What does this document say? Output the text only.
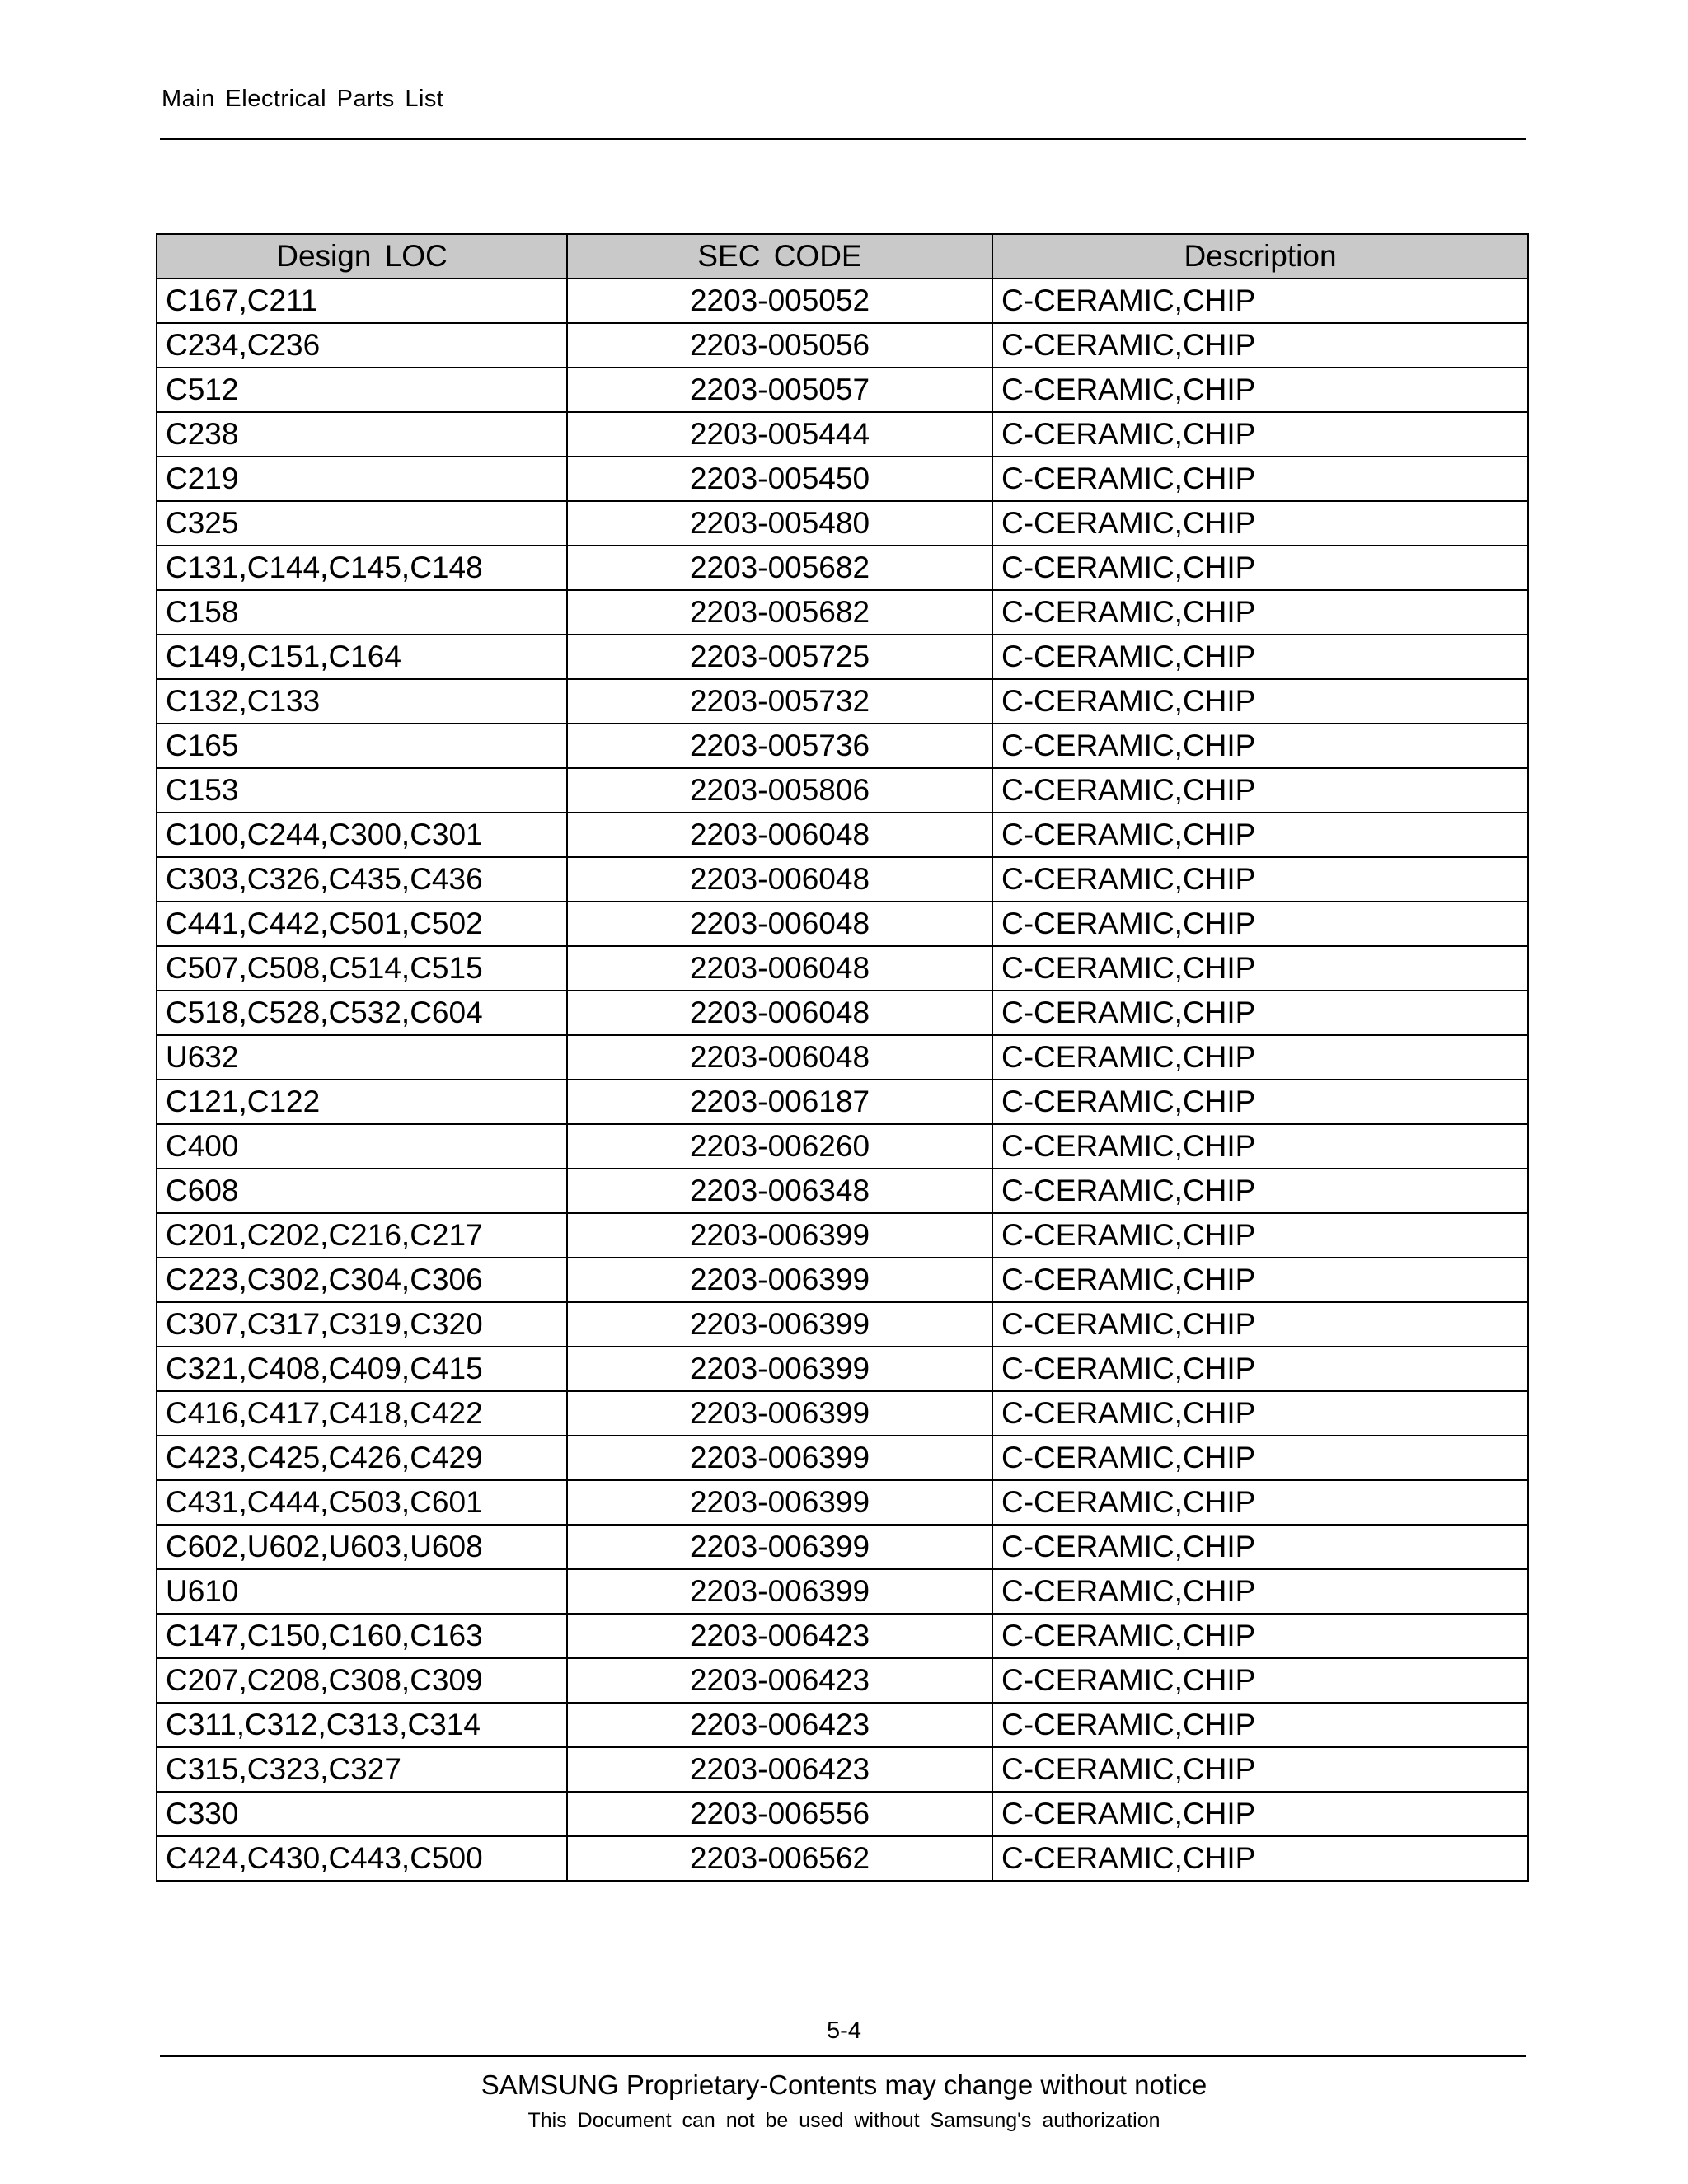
Main Electrical Parts List
Design LOC	SEC CODE	Description
C167,C211	2203-005052	C-CERAMIC,CHIP
C234,C236	2203-005056	C-CERAMIC,CHIP
C512	2203-005057	C-CERAMIC,CHIP
C238	2203-005444	C-CERAMIC,CHIP
C219	2203-005450	C-CERAMIC,CHIP
C325	2203-005480	C-CERAMIC,CHIP
C131,C144,C145,C148	2203-005682	C-CERAMIC,CHIP
C158	2203-005682	C-CERAMIC,CHIP
C149,C151,C164	2203-005725	C-CERAMIC,CHIP
C132,C133	2203-005732	C-CERAMIC,CHIP
C165	2203-005736	C-CERAMIC,CHIP
C153	2203-005806	C-CERAMIC,CHIP
C100,C244,C300,C301	2203-006048	C-CERAMIC,CHIP
C303,C326,C435,C436	2203-006048	C-CERAMIC,CHIP
C441,C442,C501,C502	2203-006048	C-CERAMIC,CHIP
C507,C508,C514,C515	2203-006048	C-CERAMIC,CHIP
C518,C528,C532,C604	2203-006048	C-CERAMIC,CHIP
U632	2203-006048	C-CERAMIC,CHIP
C121,C122	2203-006187	C-CERAMIC,CHIP
C400	2203-006260	C-CERAMIC,CHIP
C608	2203-006348	C-CERAMIC,CHIP
C201,C202,C216,C217	2203-006399	C-CERAMIC,CHIP
C223,C302,C304,C306	2203-006399	C-CERAMIC,CHIP
C307,C317,C319,C320	2203-006399	C-CERAMIC,CHIP
C321,C408,C409,C415	2203-006399	C-CERAMIC,CHIP
C416,C417,C418,C422	2203-006399	C-CERAMIC,CHIP
C423,C425,C426,C429	2203-006399	C-CERAMIC,CHIP
C431,C444,C503,C601	2203-006399	C-CERAMIC,CHIP
C602,U602,U603,U608	2203-006399	C-CERAMIC,CHIP
U610	2203-006399	C-CERAMIC,CHIP
C147,C150,C160,C163	2203-006423	C-CERAMIC,CHIP
C207,C208,C308,C309	2203-006423	C-CERAMIC,CHIP
C311,C312,C313,C314	2203-006423	C-CERAMIC,CHIP
C315,C323,C327	2203-006423	C-CERAMIC,CHIP
C330	2203-006556	C-CERAMIC,CHIP
C424,C430,C443,C500	2203-006562	C-CERAMIC,CHIP
5-4
SAMSUNG Proprietary-Contents may change without notice
This Document can not be used without Samsung's authorization
